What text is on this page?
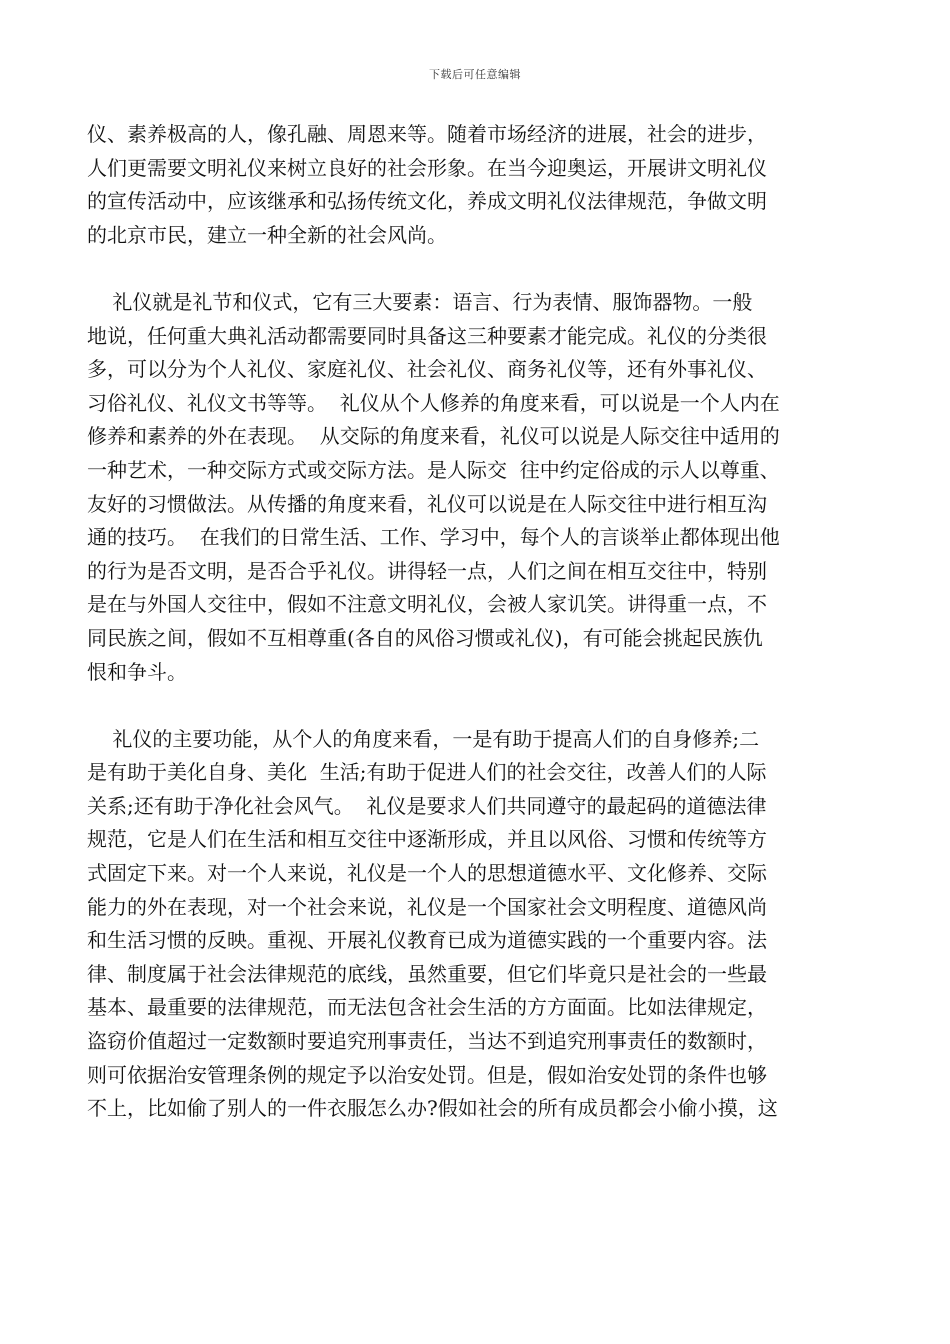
下载后可任意编辑

仪、素养极高的人，像孔融、周恩来等。随着市场经济的进展，社会的进步，
人们更需要文明礼仪来树立良好的社会形象。在当今迎奥运，开展讲文明礼仪
的宣传活动中，应该继承和弘扬传统文化，养成文明礼仪法律规范，争做文明
的北京市民，建立一种全新的社会风尚。

礼仪就是礼节和仪式，它有三大要素：语言、行为表情、服饰器物。一般
地说，任何重大典礼活动都需要同时具备这三种要素才能完成。礼仪的分类很
多，可以分为个人礼仪、家庭礼仪、社会礼仪、商务礼仪等，还有外事礼仪、
习俗礼仪、礼仪文书等等。  礼仪从个人修养的角度来看，可以说是一个人内在
修养和素养的外在表现。  从交际的角度来看，礼仪可以说是人际交往中适用的
一种艺术，一种交际方式或交际方法。是人际交  往中约定俗成的示人以尊重、
友好的习惯做法。从传播的角度来看，礼仪可以说是在人际交往中进行相互沟
通的技巧。  在我们的日常生活、工作、学习中，每个人的言谈举止都体现出他
的行为是否文明，是否合乎礼仪。讲得轻一点，人们之间在相互交往中，特别
是在与外国人交往中，假如不注意文明礼仪，会被人家讥笑。讲得重一点，不
同民族之间，假如不互相尊重(各自的风俗习惯或礼仪)，有可能会挑起民族仇
恨和争斗。

礼仪的主要功能，从个人的角度来看，一是有助于提高人们的自身修养;二
是有助于美化自身、美化  生活;有助于促进人们的社会交往，改善人们的人际
关系;还有助于净化社会风气。  礼仪是要求人们共同遵守的最起码的道德法律
规范，它是人们在生活和相互交往中逐渐形成，并且以风俗、习惯和传统等方
式固定下来。对一个人来说，礼仪是一个人的思想道德水平、文化修养、交际
能力的外在表现，对一个社会来说，礼仪是一个国家社会文明程度、道德风尚
和生活习惯的反映。重视、开展礼仪教育已成为道德实践的一个重要内容。法
律、制度属于社会法律规范的底线，虽然重要，但它们毕竟只是社会的一些最
基本、最重要的法律规范，而无法包含社会生活的方方面面。比如法律规定，
盗窃价值超过一定数额时要追究刑事责任，当达不到追究刑事责任的数额时，
则可依据治安管理条例的规定予以治安处罚。但是，假如治安处罚的条件也够
不上，比如偷了别人的一件衣服怎么办?假如社会的所有成员都会小偷小摸，这
